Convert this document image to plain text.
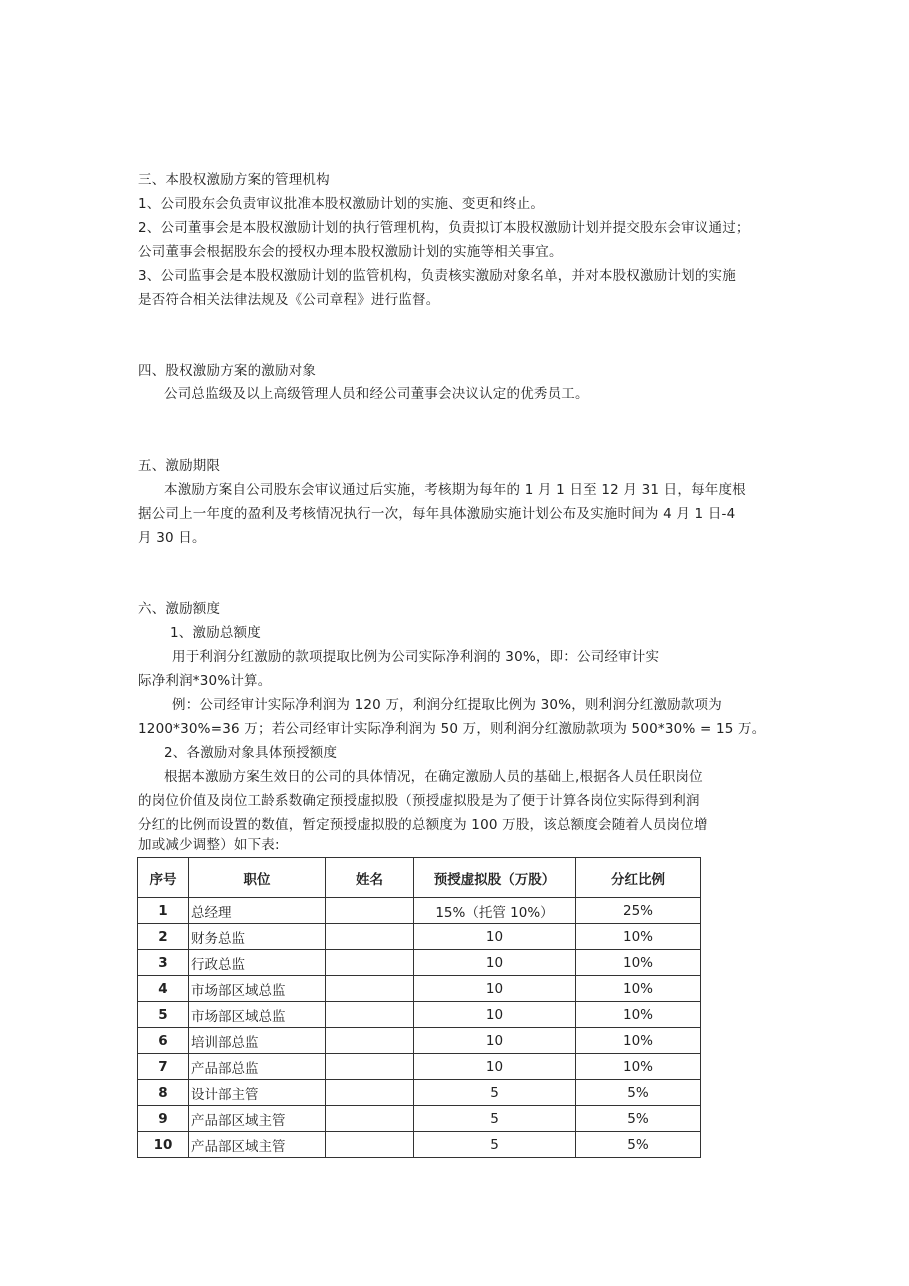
三、本股权激励方案的管理机构
1、公司股东会负责审议批准本股权激励计划的实施、变更和终止。
2、公司董事会是本股权激励计划的执行管理机构，负责拟订本股权激励计划并提交股东会审议通过；
公司董事会根据股东会的授权办理本股权激励计划的实施等相关事宜。
3、公司监事会是本股权激励计划的监管机构，负责核实激励对象名单，并对本股权激励计划的实施
是否符合相关法律法规及《公司章程》进行监督。
四、股权激励方案的激励对象
公司总监级及以上高级管理人员和经公司董事会决议认定的优秀员工。
五、激励期限
本激励方案自公司股东会审议通过后实施，考核期为每年的 1 月 1 日至 12 月 31 日，每年度根
据公司上一年度的盈利及考核情况执行一次，每年具体激励实施计划公布及实施时间为 4 月 1 日-4
月 30 日。
六、激励额度
1、激励总额度
用于利润分红激励的款项提取比例为公司实际净利润的 30%，即：公司经审计实
际净利润*30%计算。
例：公司经审计实际净利润为 120 万，利润分红提取比例为 30%，则利润分红激励款项为
1200*30%=36 万；若公司经审计实际净利润为 50 万，则利润分红激励款项为 500*30% = 15 万。
2、各激励对象具体预授额度
根据本激励方案生效日的公司的具体情况，在确定激励人员的基础上,根据各人员任职岗位
的岗位价值及岗位工龄系数确定预授虚拟股（预授虚拟股是为了便于计算各岗位实际得到利润
分红的比例而设置的数值，暂定预授虚拟股的总额度为 100 万股，该总额度会随着人员岗位增
加或减少调整）如下表:
序号	职位	姓名	预授虚拟股（万股）	分红比例
1	总经理		15%（托管 10%）	25%
2	财务总监		10	10%
3	行政总监		10	10%
4	市场部区域总监		10	10%
5	市场部区域总监		10	10%
6	培训部总监		10	10%
7	产品部总监		10	10%
8	设计部主管		5	5%
9	产品部区域主管		5	5%
10	产品部区域主管		5	5%
